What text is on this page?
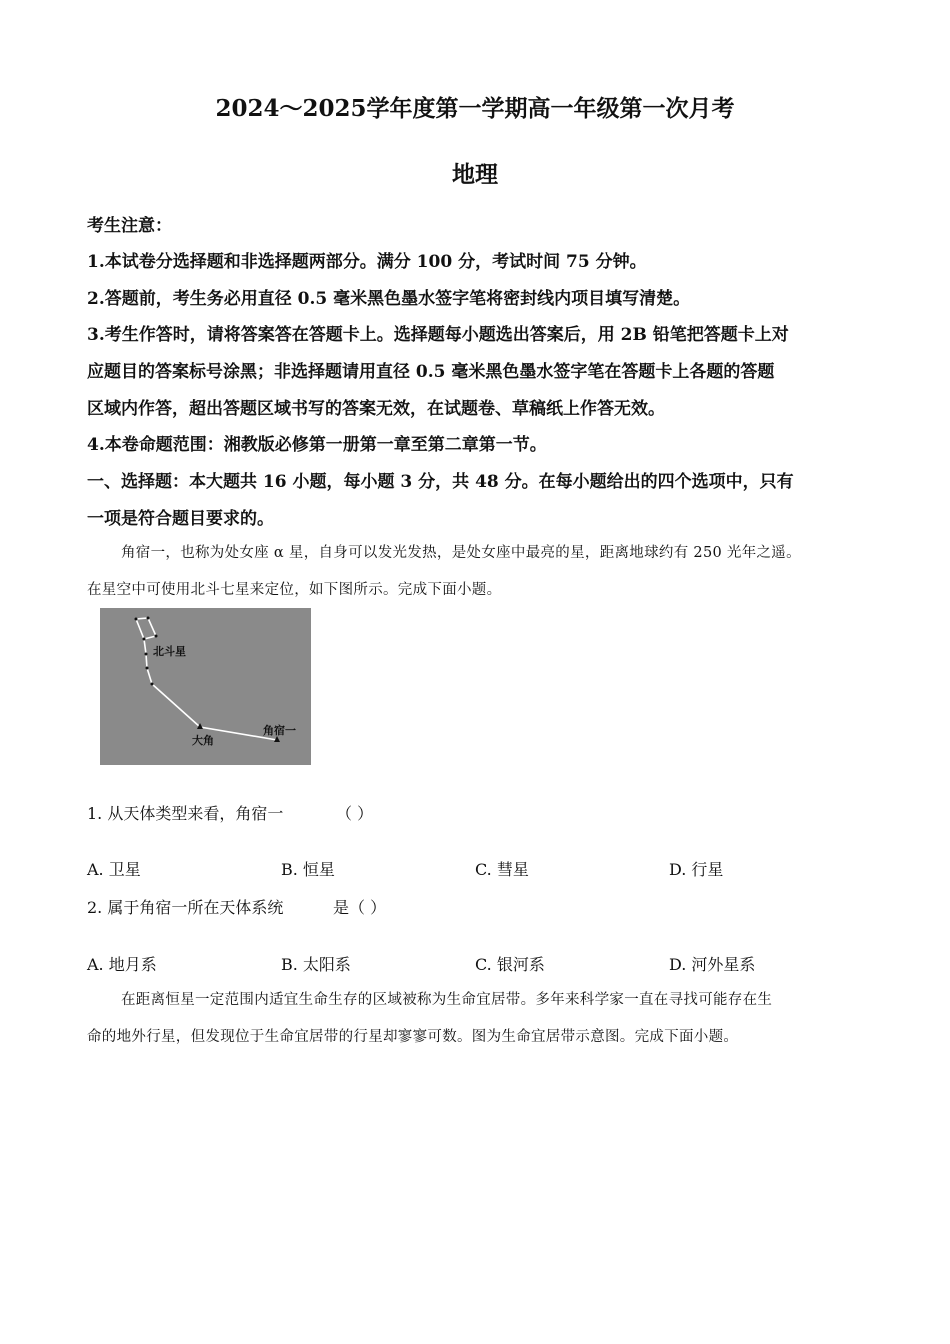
2024～2025学年度第一学期高一年级第一次月考
地理
考生注意：
1.本试卷分选择题和非选择题两部分。满分 100 分，考试时间 75 分钟。
2.答题前，考生务必用直径 0.5 毫米黑色墨水签字笔将密封线内项目填写清楚。
3.考生作答时，请将答案答在答题卡上。选择题每小题选出答案后，用 2B 铅笔把答题卡上对
应题目的答案标号涂黑；非选择题请用直径 0.5 毫米黑色墨水签字笔在答题卡上各题的答题
区域内作答，超出答题区域书写的答案无效，在试题卷、草稿纸上作答无效。
4.本卷命题范围：湘教版必修第一册第一章至第二章第一节。
一、选择题：本大题共 16 小题，每小题 3 分，共 48 分。在每小题给出的四个选项中，只有
一项是符合题目要求的。
角宿一，也称为处女座 α 星，自身可以发光发热，是处女座中最亮的星，距离地球约有 250 光年之遥。
在星空中可使用北斗七星来定位，如下图所示。完成下面小题。
北斗星
大角
角宿一
1. 从天体类型来看，角宿一	（ ）
A. 卫星	B. 恒星	C. 彗星	D. 行星
2. 属于角宿一所在天体系统	是（ ）
A. 地月系	B. 太阳系	C. 银河系	D. 河外星系
在距离恒星一定范围内适宜生命生存的区域被称为生命宜居带。多年来科学家一直在寻找可能存在生
命的地外行星，但发现位于生命宜居带的行星却寥寥可数。图为生命宜居带示意图。完成下面小题。
